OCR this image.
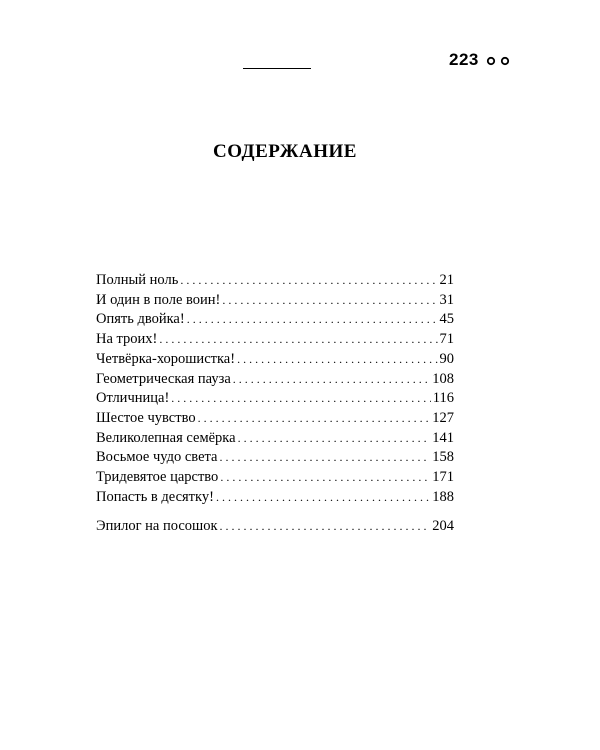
223
СОДЕРЖАНИЕ
Полный ноль . . .	21
И один в поле воин! . . .	31
Опять двойка! . . .	45
На троих! . . .	71
Четвёрка-хорошистка! . . .	90
Геометрическая пауза . . .	108
Отличница! . . .	116
Шестое чувство . . .	127
Великолепная семёрка . . .	141
Восьмое чудо света . . .	158
Тридевятое царство . . .	171
Попасть в десятку! . . .	188
Эпилог на посошок . . .	204
